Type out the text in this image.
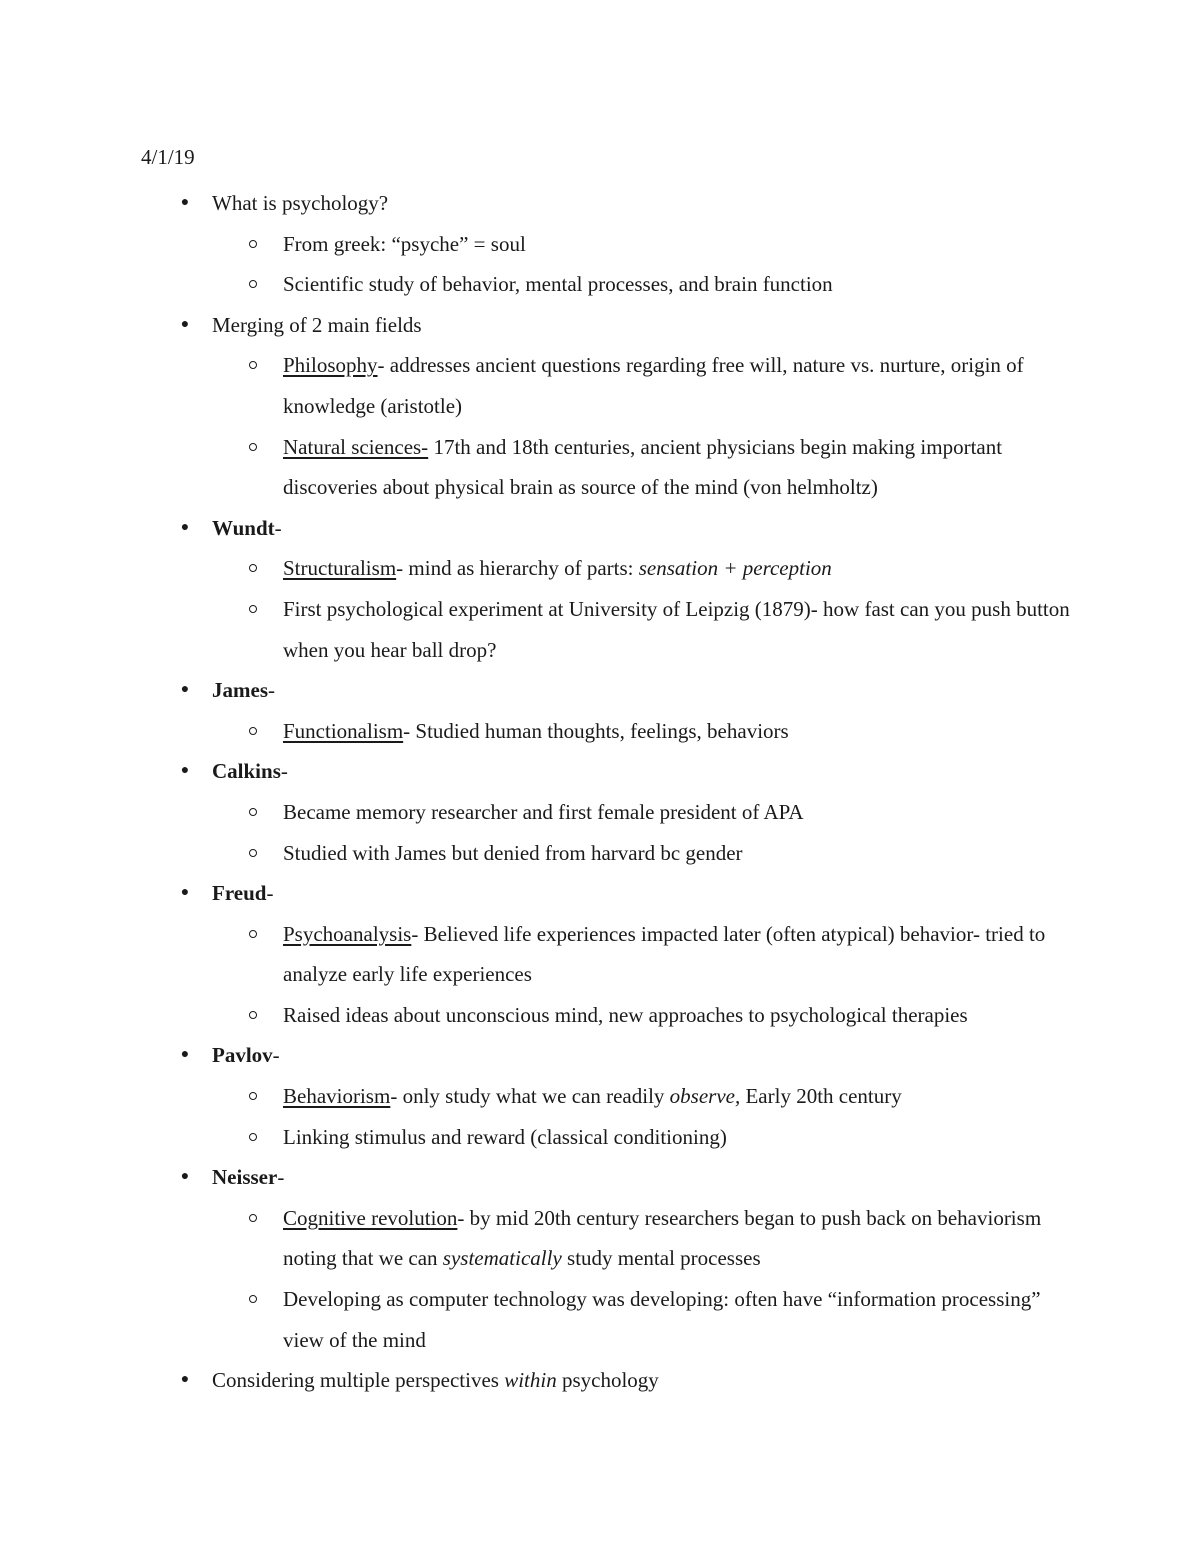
4/1/19
● What is psychology?
From greek: “psyche” = soul
Scientific study of behavior, mental processes, and brain function
● Merging of 2 main fields
Philosophy- addresses ancient questions regarding free will, nature vs. nurture, origin of knowledge (aristotle)
Natural sciences- 17th and 18th centuries, ancient physicians begin making important discoveries about physical brain as source of the mind (von helmholtz)
● Wundt-
Structuralism- mind as hierarchy of parts: sensation + perception
First psychological experiment at University of Leipzig (1879)- how fast can you push button when you hear ball drop?
● James-
Functionalism- Studied human thoughts, feelings, behaviors
● Calkins-
Became memory researcher and first female president of APA
Studied with James but denied from harvard bc gender
● Freud-
Psychoanalysis- Believed life experiences impacted later (often atypical) behavior- tried to analyze early life experiences
Raised ideas about unconscious mind, new approaches to psychological therapies
● Pavlov-
Behaviorism- only study what we can readily observe, Early 20th century
Linking stimulus and reward (classical conditioning)
● Neisser-
Cognitive revolution- by mid 20th century researchers began to push back on behaviorism noting that we can systematically study mental processes
Developing as computer technology was developing: often have “information processing” view of the mind
● Considering multiple perspectives within psychology
